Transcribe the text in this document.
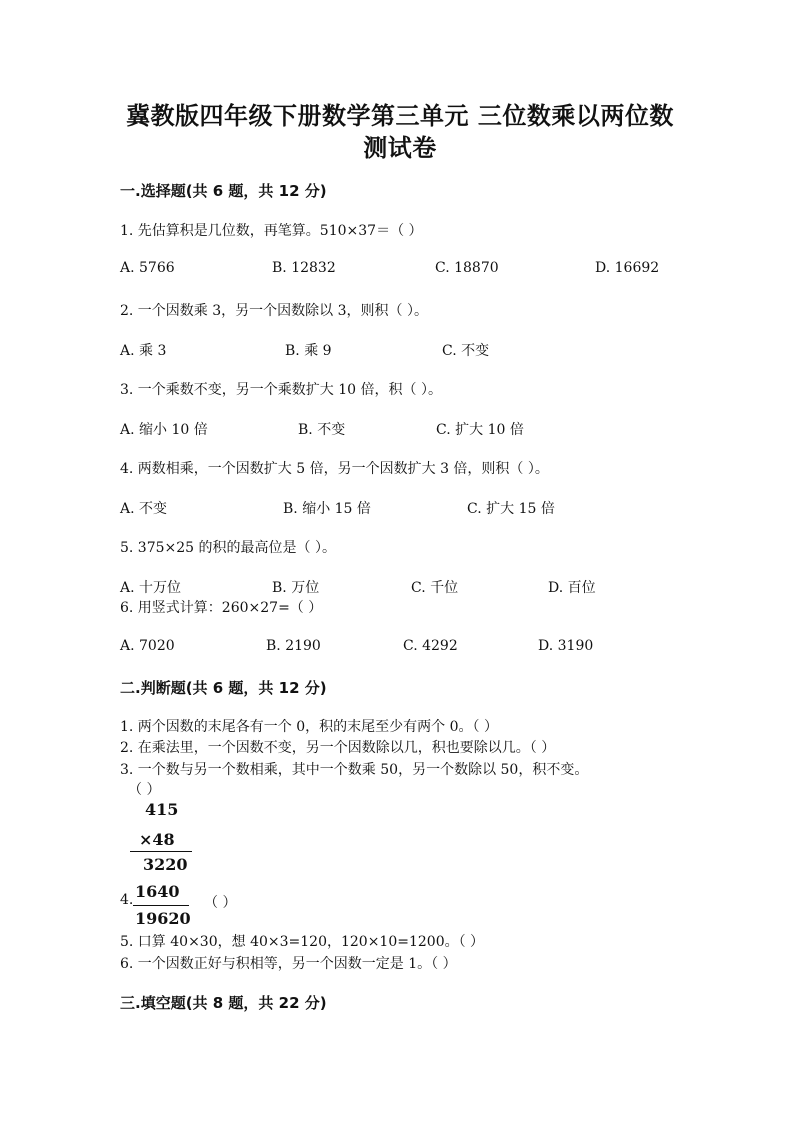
冀教版四年级下册数学第三单元 三位数乘以两位数
测试卷
一.选择题(共 6 题，共 12 分)
1. 先估算积是几位数，再笔算。510×37＝（ ）
A. 5766	B. 12832	C. 18870	D. 16692
2. 一个因数乘 3，另一个因数除以 3，则积（ ）。
A. 乘 3	B. 乘 9	C. 不变
3. 一个乘数不变，另一个乘数扩大 10 倍，积（ ）。
A. 缩小 10 倍	B. 不变	C. 扩大 10 倍
4. 两数相乘，一个因数扩大 5 倍，另一个因数扩大 3 倍，则积（ ）。
A. 不变	B. 缩小 15 倍	C. 扩大 15 倍
5. 375×25 的积的最高位是（ ）。
A. 十万位	B. 万位	C. 千位	D. 百位
6. 用竖式计算：260×27=（ ）
A. 7020	B. 2190	C. 4292	D. 3190
二.判断题(共 6 题，共 12 分)
1. 两个因数的末尾各有一个 0，积的末尾至少有两个 0。（ ）
2. 在乘法里，一个因数不变，另一个因数除以几，积也要除以几。（ ）
3. 一个数与另一个数相乘，其中一个数乘 50，另一个数除以 50，积不变。
（ ）
415
×48
3220
4. 1640
（ ）
19620
5. 口算 40×30，想 40×3=120，120×10=1200。（ ）
6. 一个因数正好与积相等，另一个因数一定是 1。（ ）
三.填空题(共 8 题，共 22 分)
